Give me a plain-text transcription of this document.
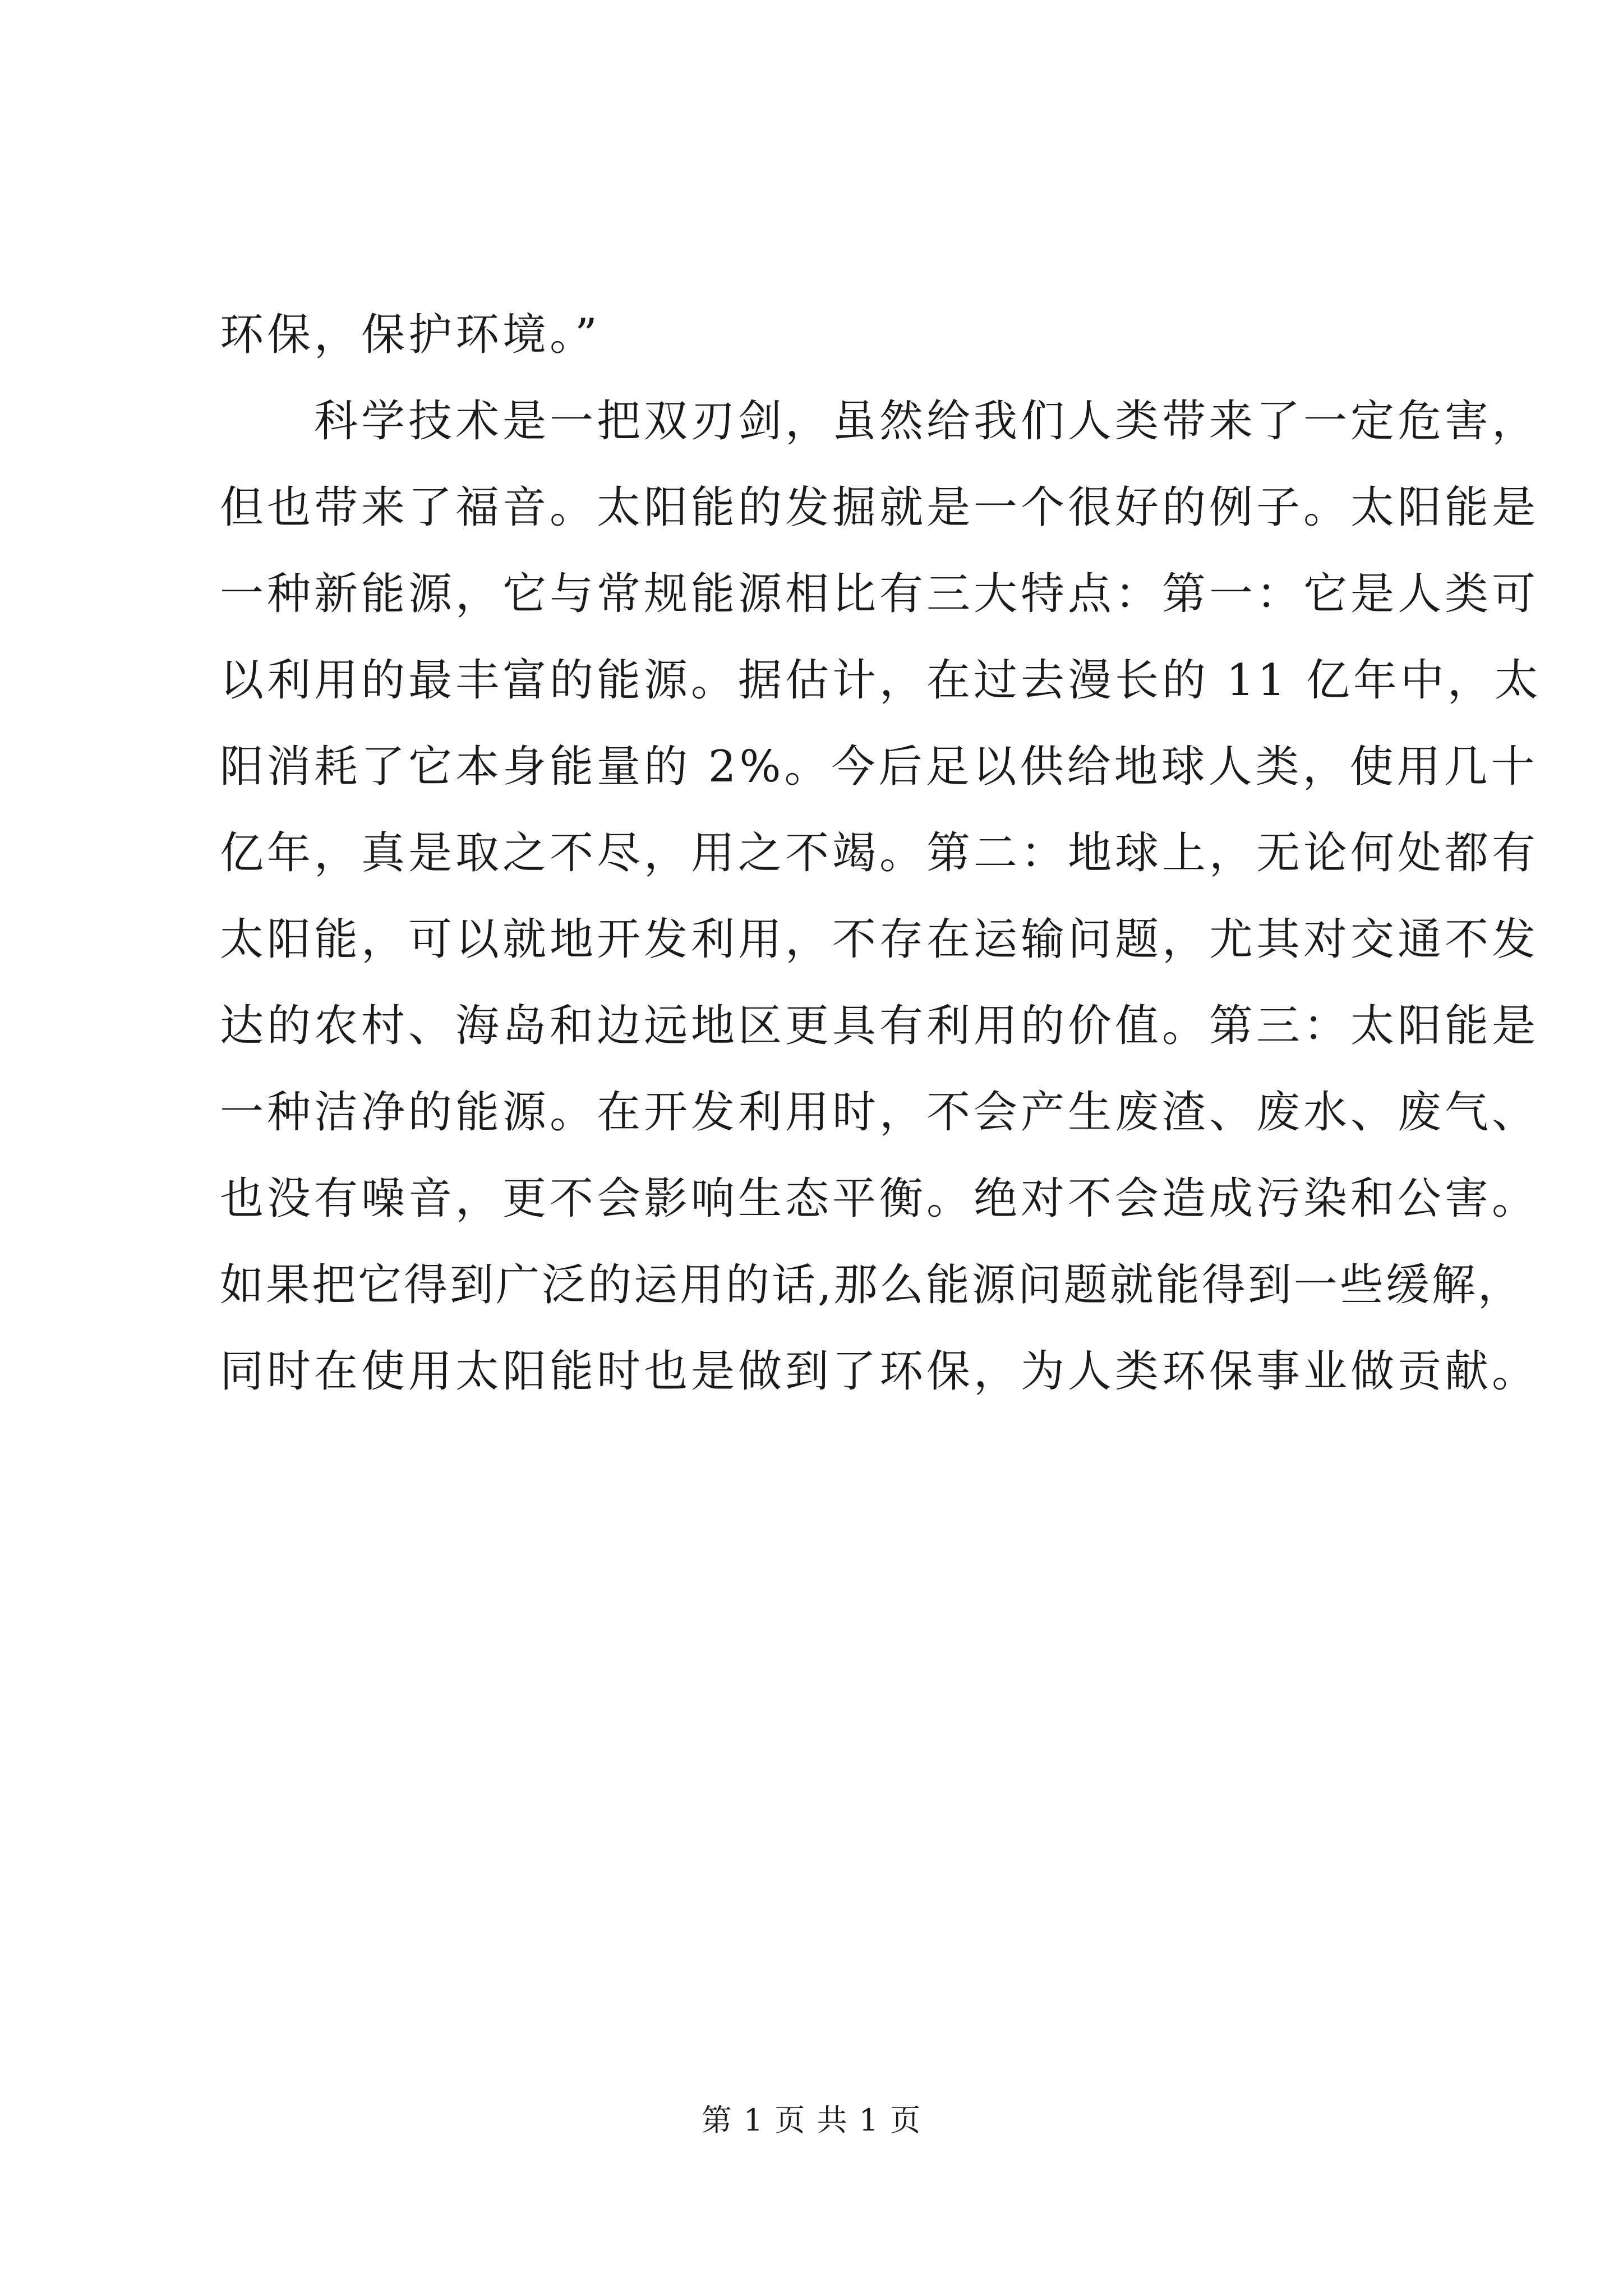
环保，保护环境。”
　　科学技术是一把双刃剑，虽然给我们人类带来了一定危害，
但也带来了福音。太阳能的发掘就是一个很好的例子。太阳能是
一种新能源，它与常规能源相比有三大特点：第一：它是人类可
以利用的最丰富的能源。据估计，在过去漫长的 11 亿年中，太
阳消耗了它本身能量的 2%。今后足以供给地球人类，使用几十
亿年，真是取之不尽，用之不竭。第二：地球上，无论何处都有
太阳能，可以就地开发利用，不存在运输问题，尤其对交通不发
达的农村、海岛和边远地区更具有利用的价值。第三：太阳能是
一种洁净的能源。在开发利用时，不会产生废渣、废水、废气、
也没有噪音，更不会影响生态平衡。绝对不会造成污染和公害。
如果把它得到广泛的运用的话,那么能源问题就能得到一些缓解，
同时在使用太阳能时也是做到了环保，为人类环保事业做贡献。
第 1 页 共 1 页
